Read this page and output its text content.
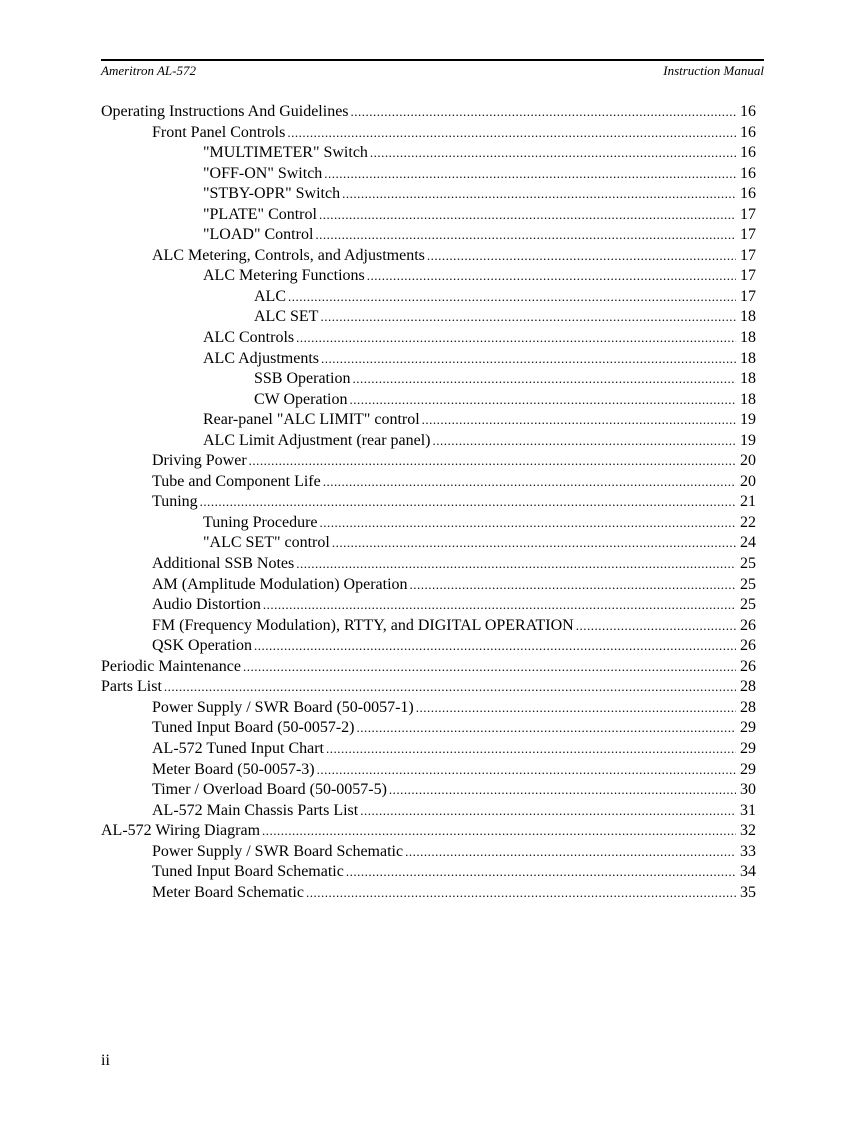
Ameritron AL-572	Instruction Manual
Operating Instructions And Guidelines .....	16
Front Panel Controls .....	16
"MULTIMETER" Switch .....	16
"OFF-ON" Switch .....	16
"STBY-OPR" Switch .....	16
"PLATE" Control .....	17
"LOAD" Control .....	17
ALC Metering, Controls, and Adjustments .....	17
ALC Metering Functions .....	17
ALC .....	17
ALC SET .....	18
ALC Controls .....	18
ALC Adjustments .....	18
SSB Operation .....	18
CW Operation .....	18
Rear-panel "ALC LIMIT" control .....	19
ALC Limit Adjustment (rear panel) .....	19
Driving Power .....	20
Tube and Component Life .....	20
Tuning .....	21
Tuning Procedure .....	22
"ALC SET" control .....	24
Additional SSB Notes .....	25
AM (Amplitude Modulation) Operation .....	25
Audio Distortion .....	25
FM (Frequency Modulation), RTTY, and DIGITAL OPERATION .....	26
QSK Operation .....	26
Periodic Maintenance .....	26
Parts List .....	28
Power Supply / SWR Board (50-0057-1) .....	28
Tuned Input Board (50-0057-2) .....	29
AL-572 Tuned Input Chart .....	29
Meter Board (50-0057-3) .....	29
Timer / Overload Board (50-0057-5) .....	30
AL-572 Main Chassis Parts List .....	31
AL-572 Wiring Diagram .....	32
Power Supply / SWR Board Schematic .....	33
Tuned Input Board Schematic .....	34
Meter Board Schematic .....	35
ii
